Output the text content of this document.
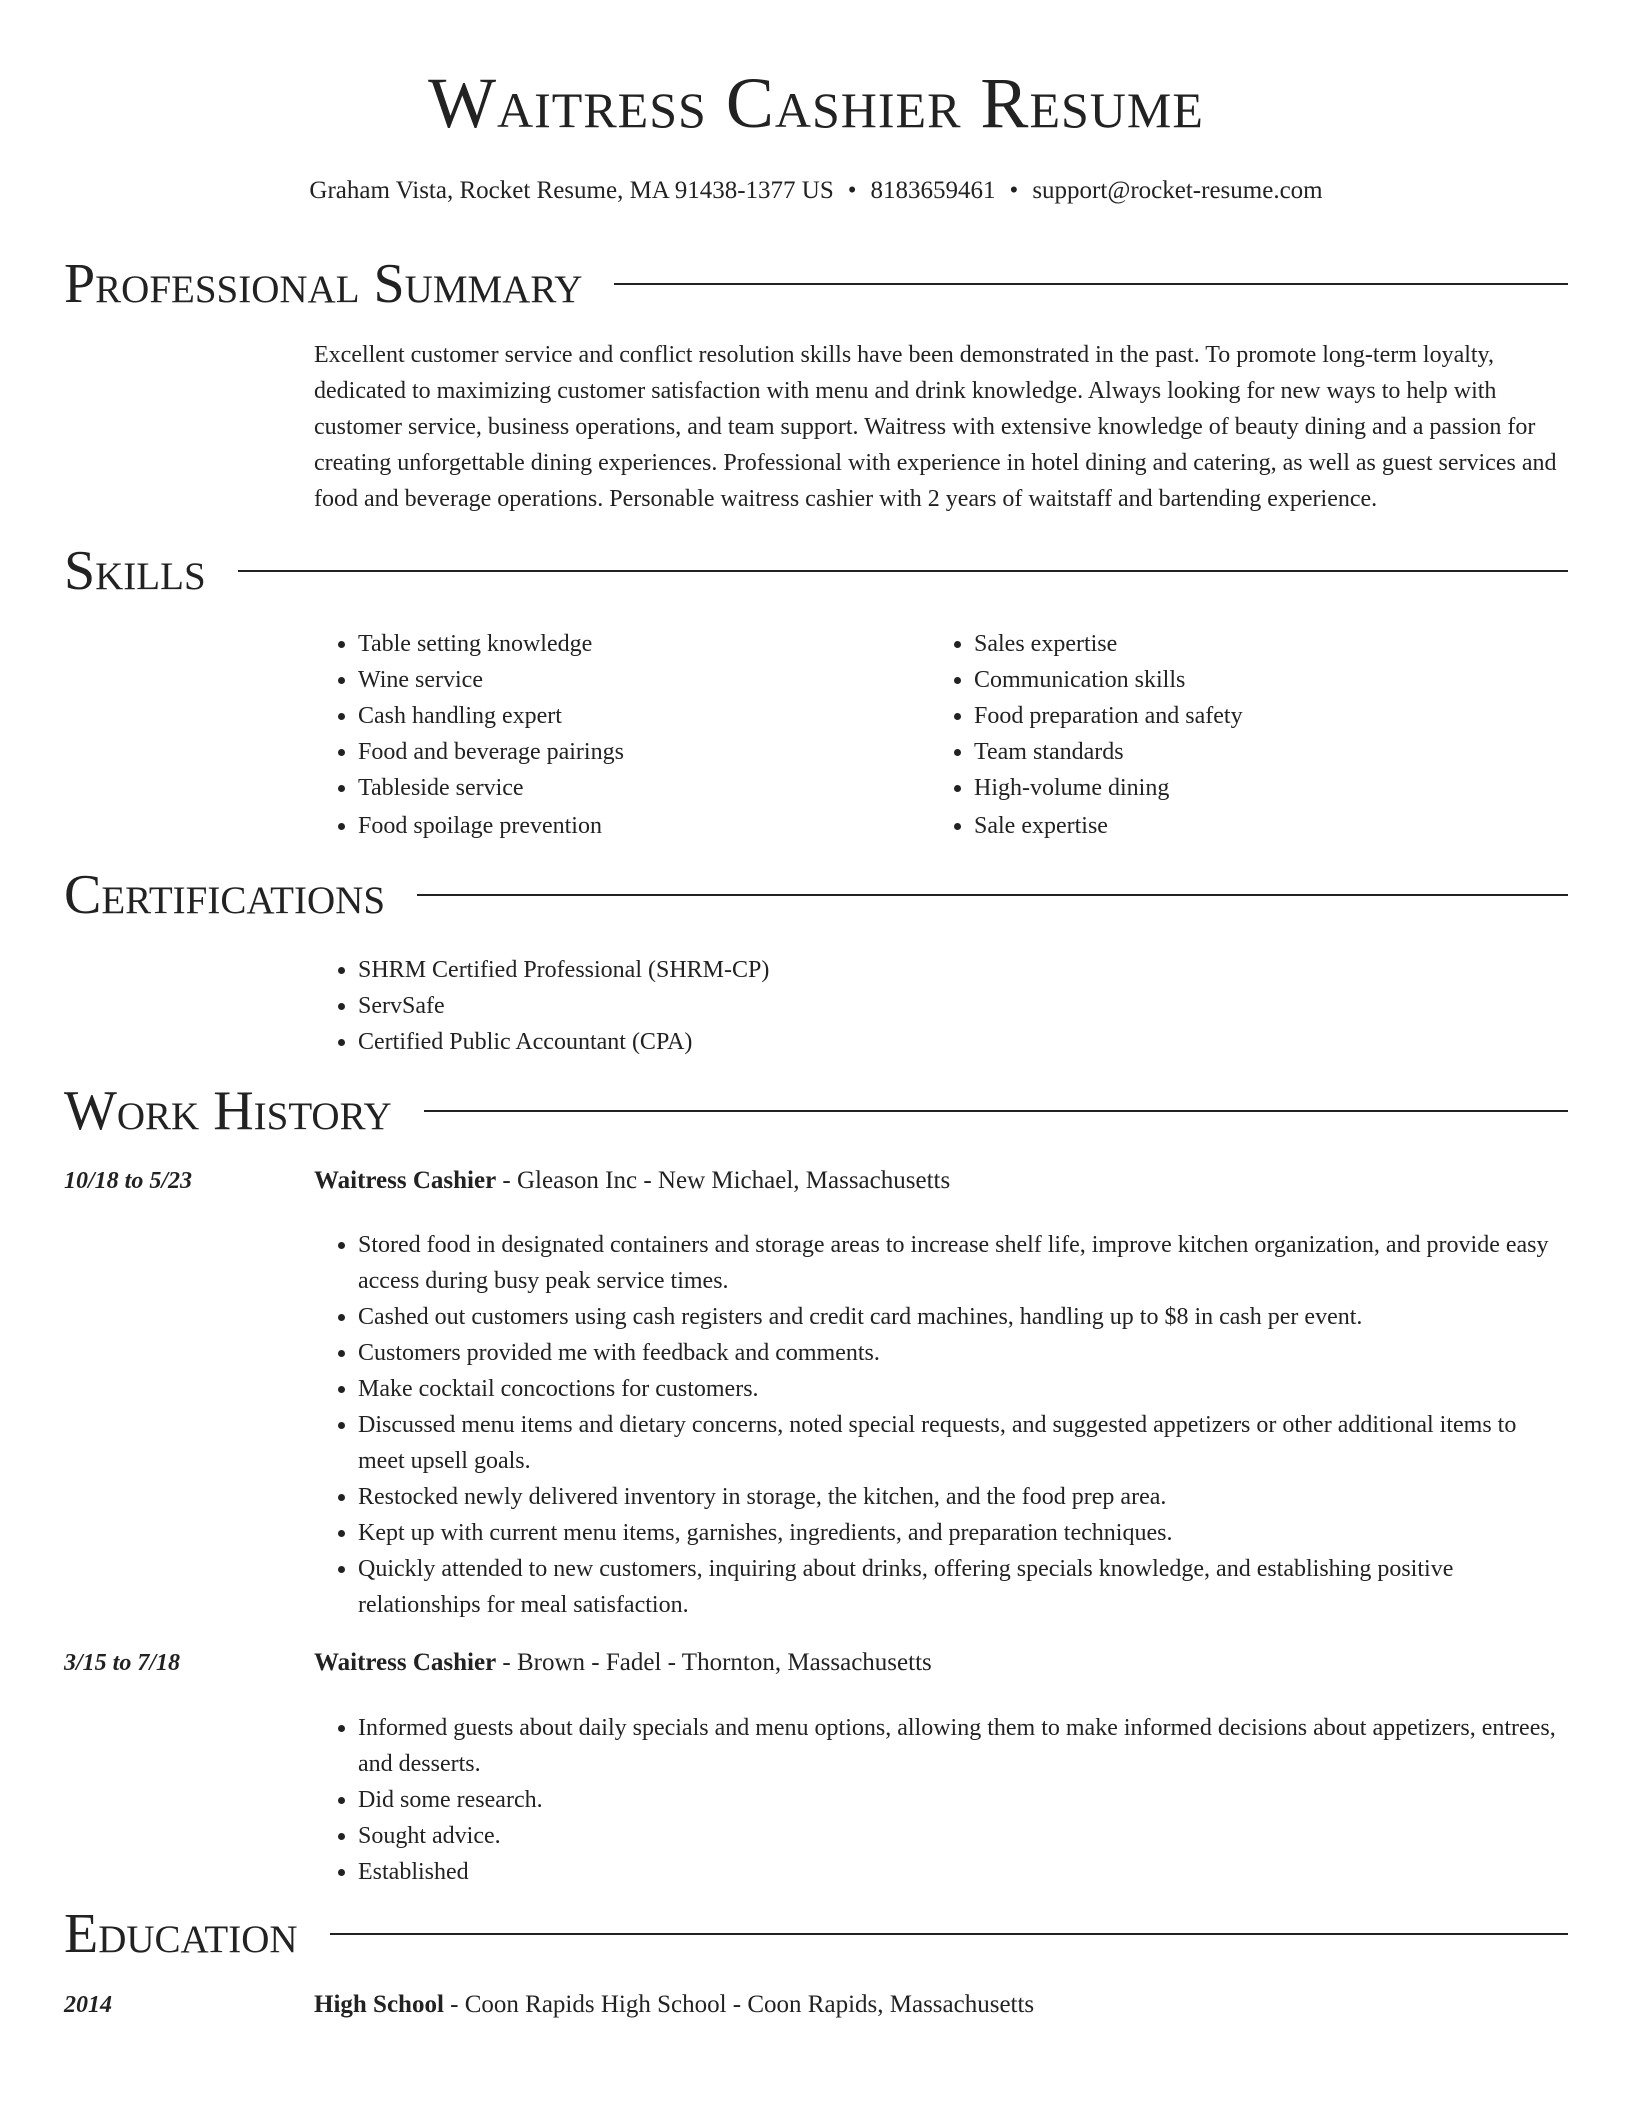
Waitress Cashier Resume
Graham Vista, Rocket Resume, MA 91438-1377 US • 8183659461 • support@rocket-resume.com
Professional Summary
Excellent customer service and conflict resolution skills have been demonstrated in the past. To promote long-term loyalty, dedicated to maximizing customer satisfaction with menu and drink knowledge. Always looking for new ways to help with customer service, business operations, and team support. Waitress with extensive knowledge of beauty dining and a passion for creating unforgettable dining experiences. Professional with experience in hotel dining and catering, as well as guest services and food and beverage operations. Personable waitress cashier with 2 years of waitstaff and bartending experience.
Skills
• Table setting knowledge
• Wine service
• Cash handling expert
• Food and beverage pairings
• Tableside service
• Food spoilage prevention
• Sales expertise
• Communication skills
• Food preparation and safety
• Team standards
• High-volume dining
• Sale expertise
Certifications
• SHRM Certified Professional (SHRM-CP)
• ServSafe
• Certified Public Accountant (CPA)
Work History
10/18 to 5/23	Waitress Cashier - Gleason Inc - New Michael, Massachusetts
• Stored food in designated containers and storage areas to increase shelf life, improve kitchen organization, and provide easy access during busy peak service times.
• Cashed out customers using cash registers and credit card machines, handling up to $8 in cash per event.
• Customers provided me with feedback and comments.
• Make cocktail concoctions for customers.
• Discussed menu items and dietary concerns, noted special requests, and suggested appetizers or other additional items to meet upsell goals.
• Restocked newly delivered inventory in storage, the kitchen, and the food prep area.
• Kept up with current menu items, garnishes, ingredients, and preparation techniques.
• Quickly attended to new customers, inquiring about drinks, offering specials knowledge, and establishing positive relationships for meal satisfaction.
3/15 to 7/18	Waitress Cashier - Brown - Fadel - Thornton, Massachusetts
• Informed guests about daily specials and menu options, allowing them to make informed decisions about appetizers, entrees, and desserts.
• Did some research.
• Sought advice.
• Established
Education
2014	High School - Coon Rapids High School - Coon Rapids, Massachusetts
